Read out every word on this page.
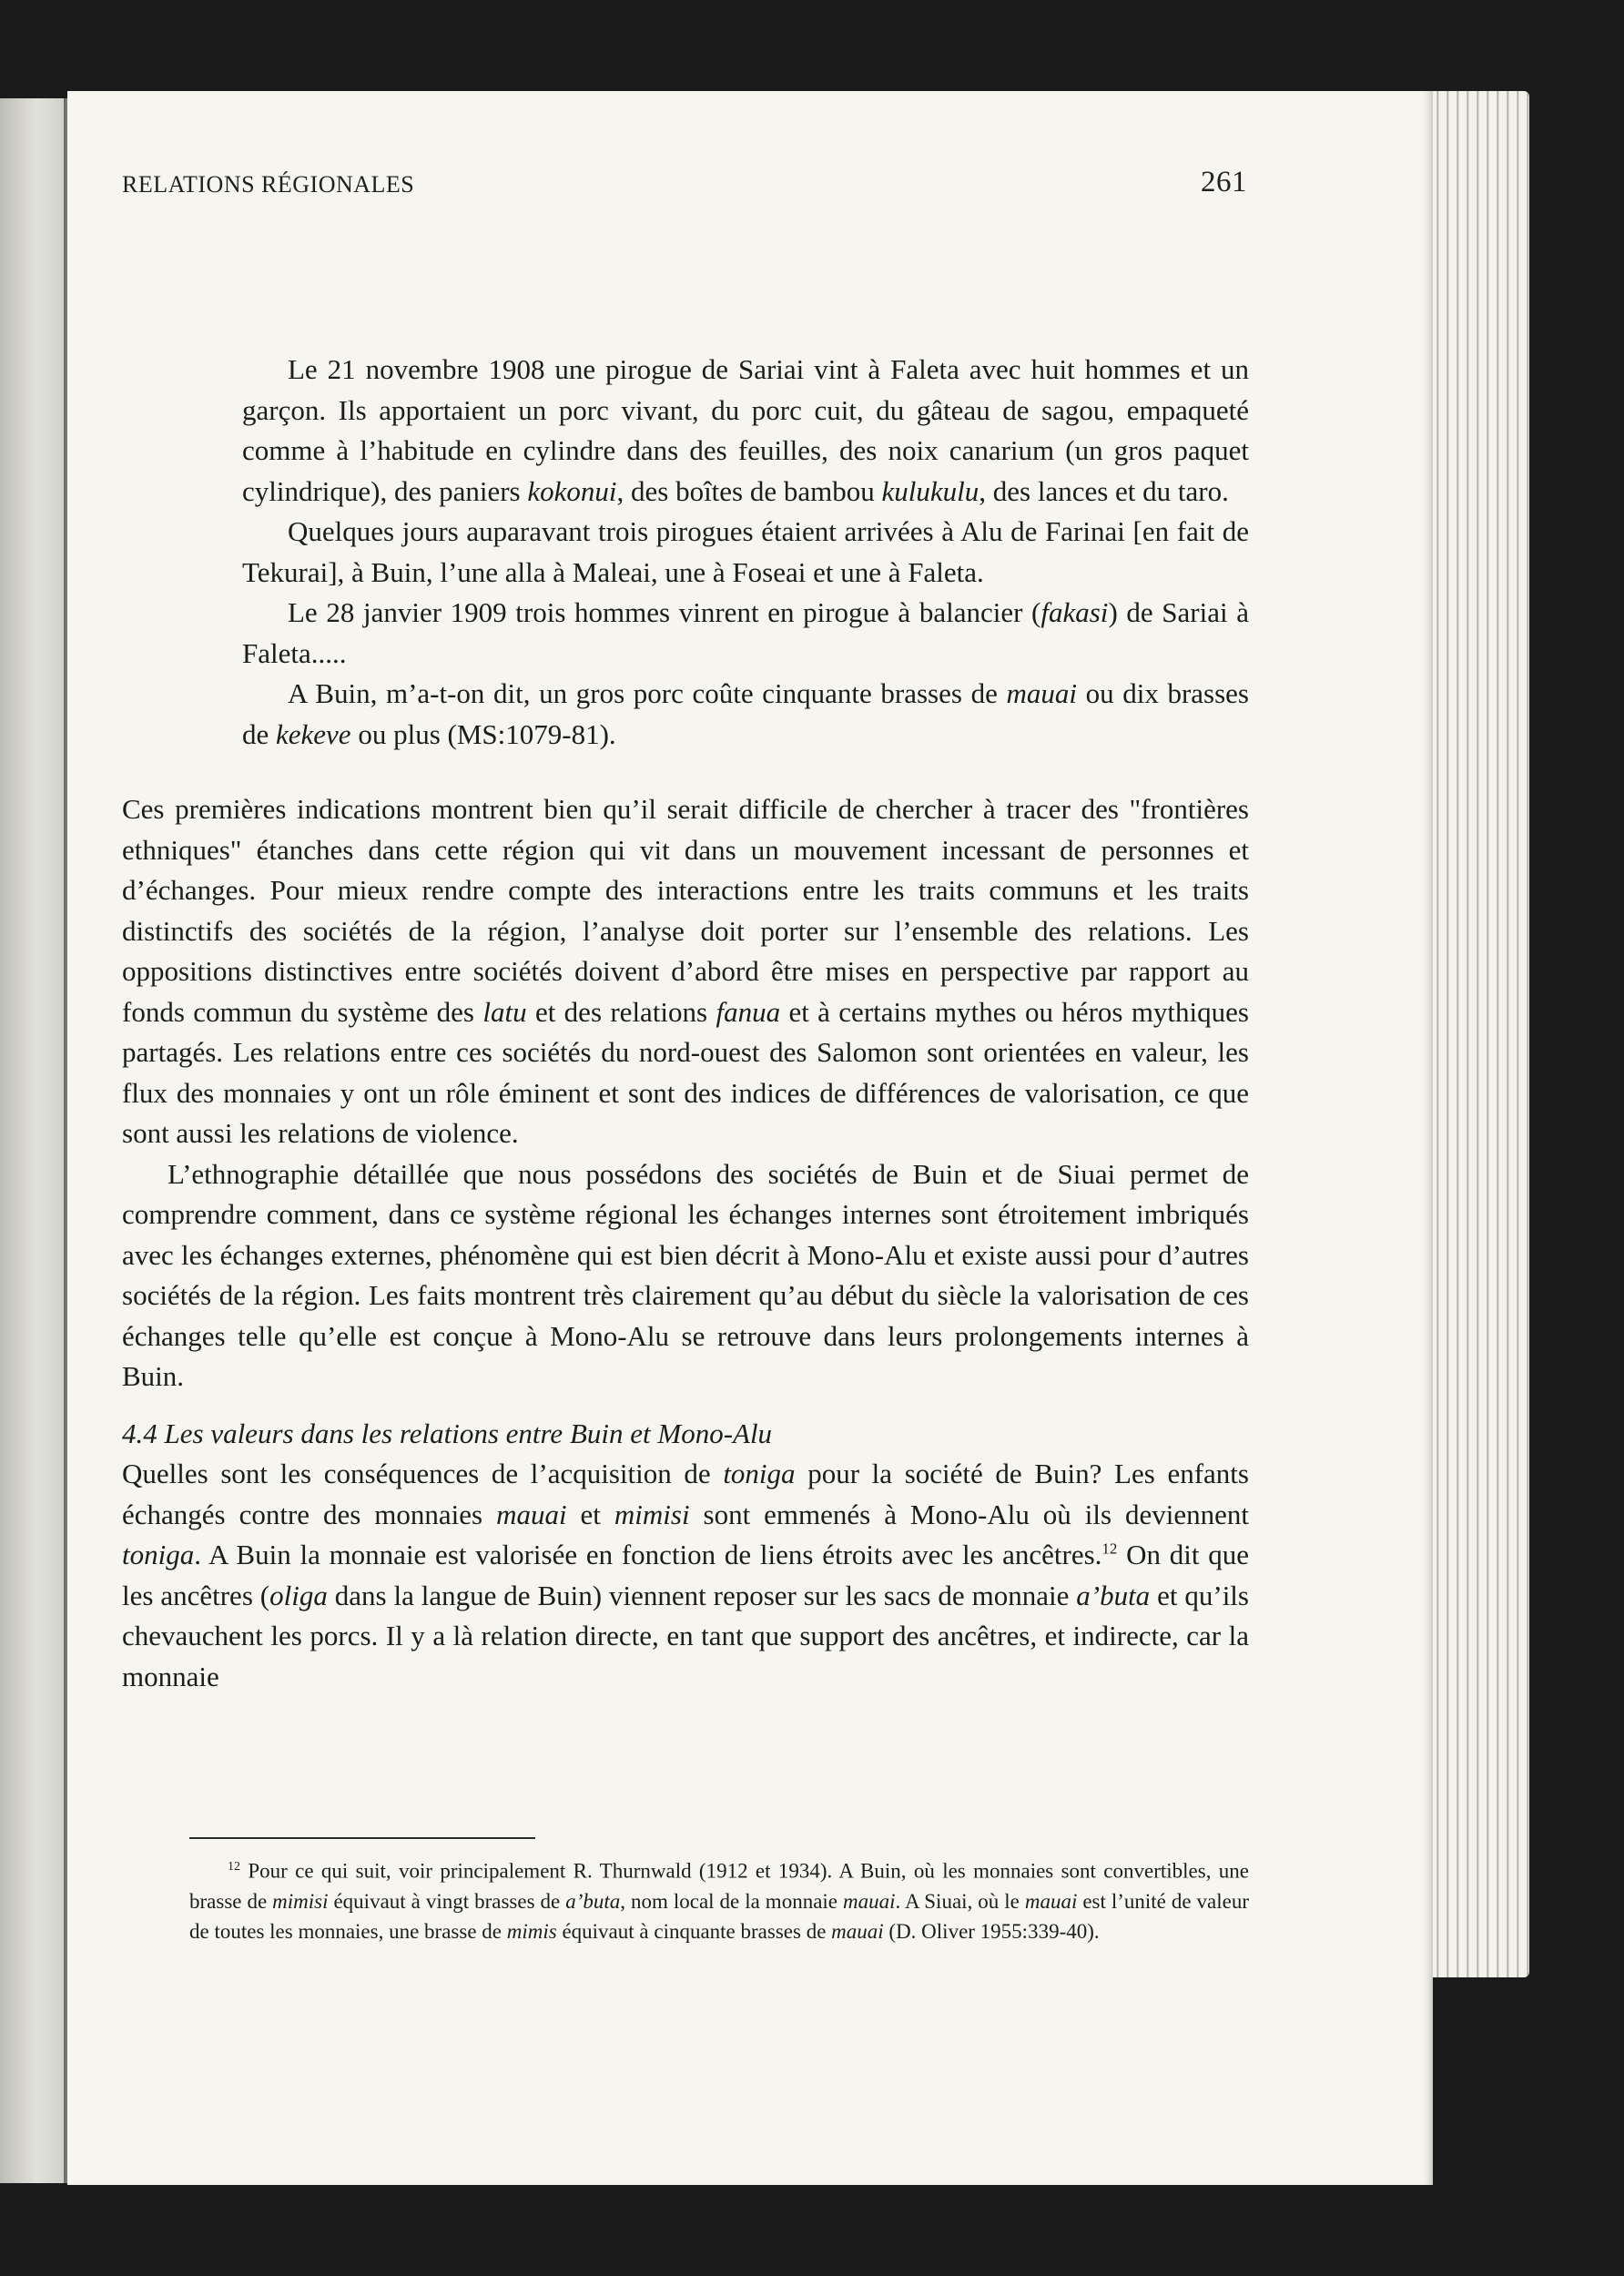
RELATIONS RÉGIONALES	261

Le 21 novembre 1908 une pirogue de Sariai vint à Faleta avec huit hommes et un garçon. Ils apportaient un porc vivant, du porc cuit, du gâteau de sagou, empaqueté comme à l’habitude en cylindre dans des feuilles, des noix canarium (un gros paquet cylindrique), des paniers kokonui, des boîtes de bambou kulukulu, des lances et du taro.

Quelques jours auparavant trois pirogues étaient arrivées à Alu de Farinai [en fait de Tekurai], à Buin, l’une alla à Maleai, une à Foseai et une à Faleta.

Le 28 janvier 1909 trois hommes vinrent en pirogue à balancier (fakasi) de Sariai à Faleta.....

A Buin, m’a-t-on dit, un gros porc coûte cinquante brasses de mauai ou dix brasses de kekeve ou plus (MS:1079-81).

Ces premières indications montrent bien qu’il serait difficile de chercher à tracer des "frontières ethniques" étanches dans cette région qui vit dans un mouvement incessant de personnes et d’échanges. Pour mieux rendre compte des interactions entre les traits communs et les traits distinctifs des sociétés de la région, l’analyse doit porter sur l’ensemble des relations. Les oppositions distinctives entre sociétés doivent d’abord être mises en perspective par rapport au fonds commun du système des latu et des relations fanua et à certains mythes ou héros mythiques partagés. Les relations entre ces sociétés du nord-ouest des Salomon sont orientées en valeur, les flux des monnaies y ont un rôle éminent et sont des indices de différences de valorisation, ce que sont aussi les relations de violence.

L’ethnographie détaillée que nous possédons des sociétés de Buin et de Siuai permet de comprendre comment, dans ce système régional les échanges internes sont étroitement imbriqués avec les échanges externes, phénomène qui est bien décrit à Mono-Alu et existe aussi pour d’autres sociétés de la région. Les faits montrent très clairement qu’au début du siècle la valorisation de ces échanges telle qu’elle est conçue à Mono-Alu se retrouve dans leurs prolongements internes à Buin.

4.4 Les valeurs dans les relations entre Buin et Mono-Alu

Quelles sont les conséquences de l’acquisition de toniga pour la société de Buin? Les enfants échangés contre des monnaies mauai et mimisi sont emmenés à Mono-Alu où ils deviennent toniga. A Buin la monnaie est valorisée en fonction de liens étroits avec les ancêtres.$^{12}$ On dit que les ancêtres (oliga dans la langue de Buin) viennent reposer sur les sacs de monnaie a’buta et qu’ils chevauchent les porcs. Il y a là relation directe, en tant que support des ancêtres, et indirecte, car la monnaie

$^{12}$ Pour ce qui suit, voir principalement R. Thurnwald (1912 et 1934). A Buin, où les monnaies sont convertibles, une brasse de mimisi équivaut à vingt brasses de a’buta, nom local de la monnaie mauai. A Siuai, où le mauai est l’unité de valeur de toutes les monnaies, une brasse de mimis équivaut à cinquante brasses de mauai (D. Oliver 1955:339-40).
